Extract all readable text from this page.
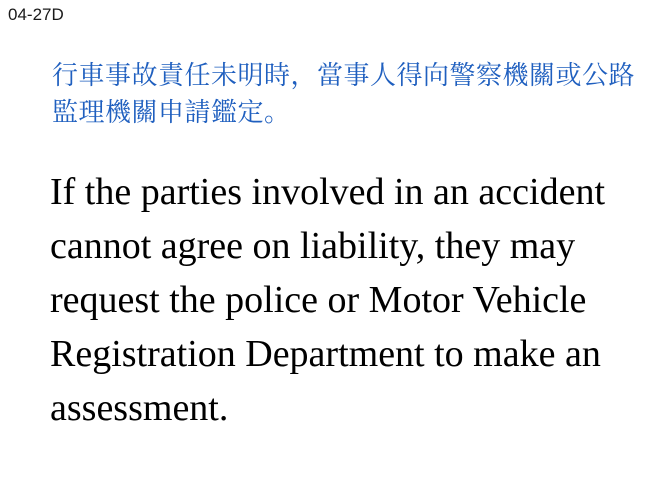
04-27D
行車事故責任未明時，當事人得向警察機關或公路監理機關申請鑑定。
If the parties involved in an accident cannot agree on liability, they may request the police or Motor Vehicle Registration Department to make an assessment.
